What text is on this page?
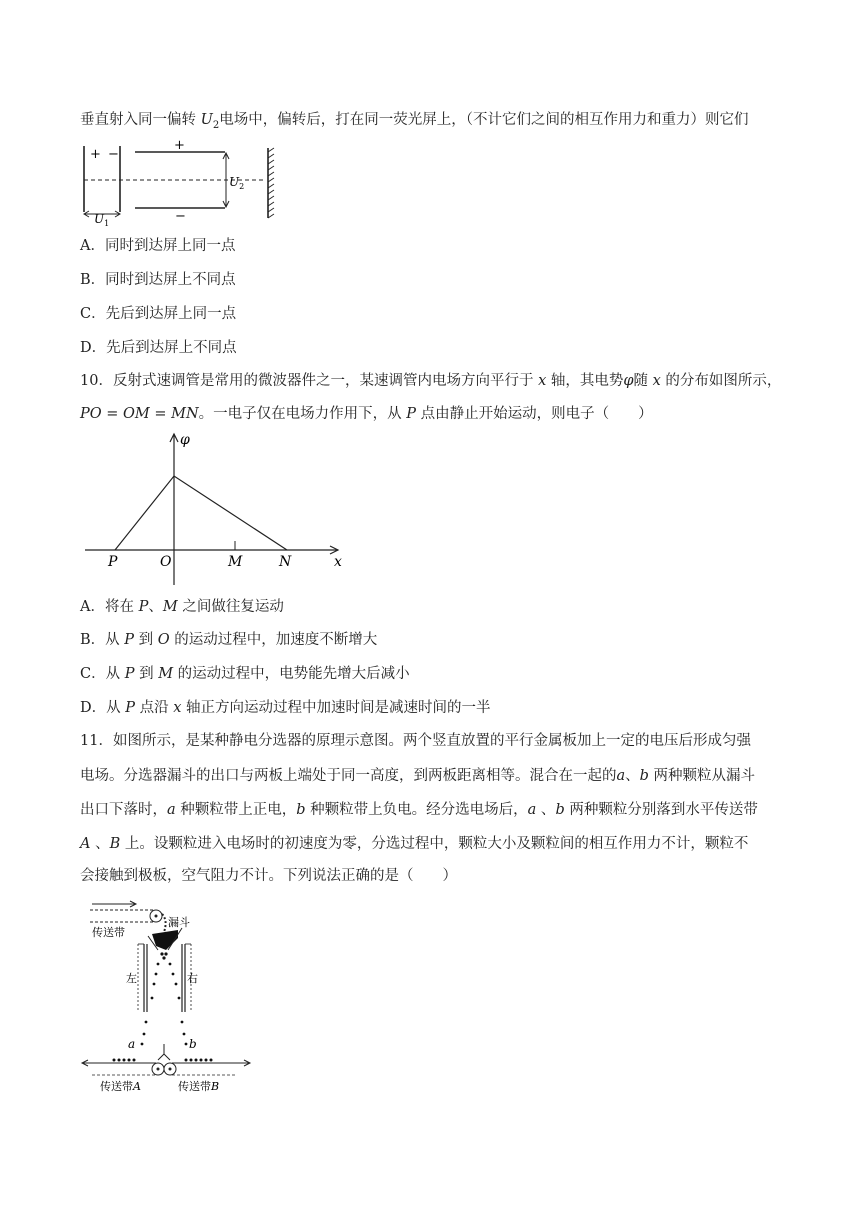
垂直射入同一偏转 $U_2$电场中，偏转后，打在同一荧光屏上，（不计它们之间的相互作用力和重力）则它们
+ −
+
−
$U_2$
$U_1$
A．同时到达屏上同一点
B．同时到达屏上不同点
C．先后到达屏上同一点
D．先后到达屏上不同点
10．反射式速调管是常用的微波器件之一，某速调管内电场方向平行于 x 轴，其电势φ随 x 的分布如图所示，
PO = OM = MN。一电子仅在电场力作用下，从 P 点由静止开始运动，则电子（　　）
φ
P	O	M	N	x
A．将在 P、M 之间做往复运动
B．从 P 到 O 的运动过程中，加速度不断增大
C．从 P 到 M 的运动过程中，电势能先增大后减小
D．从 P 点沿 x 轴正方向运动过程中加速时间是减速时间的一半
11．如图所示，是某种静电分选器的原理示意图。两个竖直放置的平行金属板加上一定的电压后形成匀强
电场。分选器漏斗的出口与两板上端处于同一高度，到两板距离相等。混合在一起的a、b 两种颗粒从漏斗
出口下落时，a 种颗粒带上正电，b 种颗粒带上负电。经分选电场后，a 、b 两种颗粒分别落到水平传送带
A 、B 上。设颗粒进入电场时的初速度为零，分选过程中，颗粒大小及颗粒间的相互作用力不计，颗粒不
会接触到极板，空气阻力不计。下列说法正确的是（　　）
传送带
漏斗
左	右
a	b
传送带A	传送带B
